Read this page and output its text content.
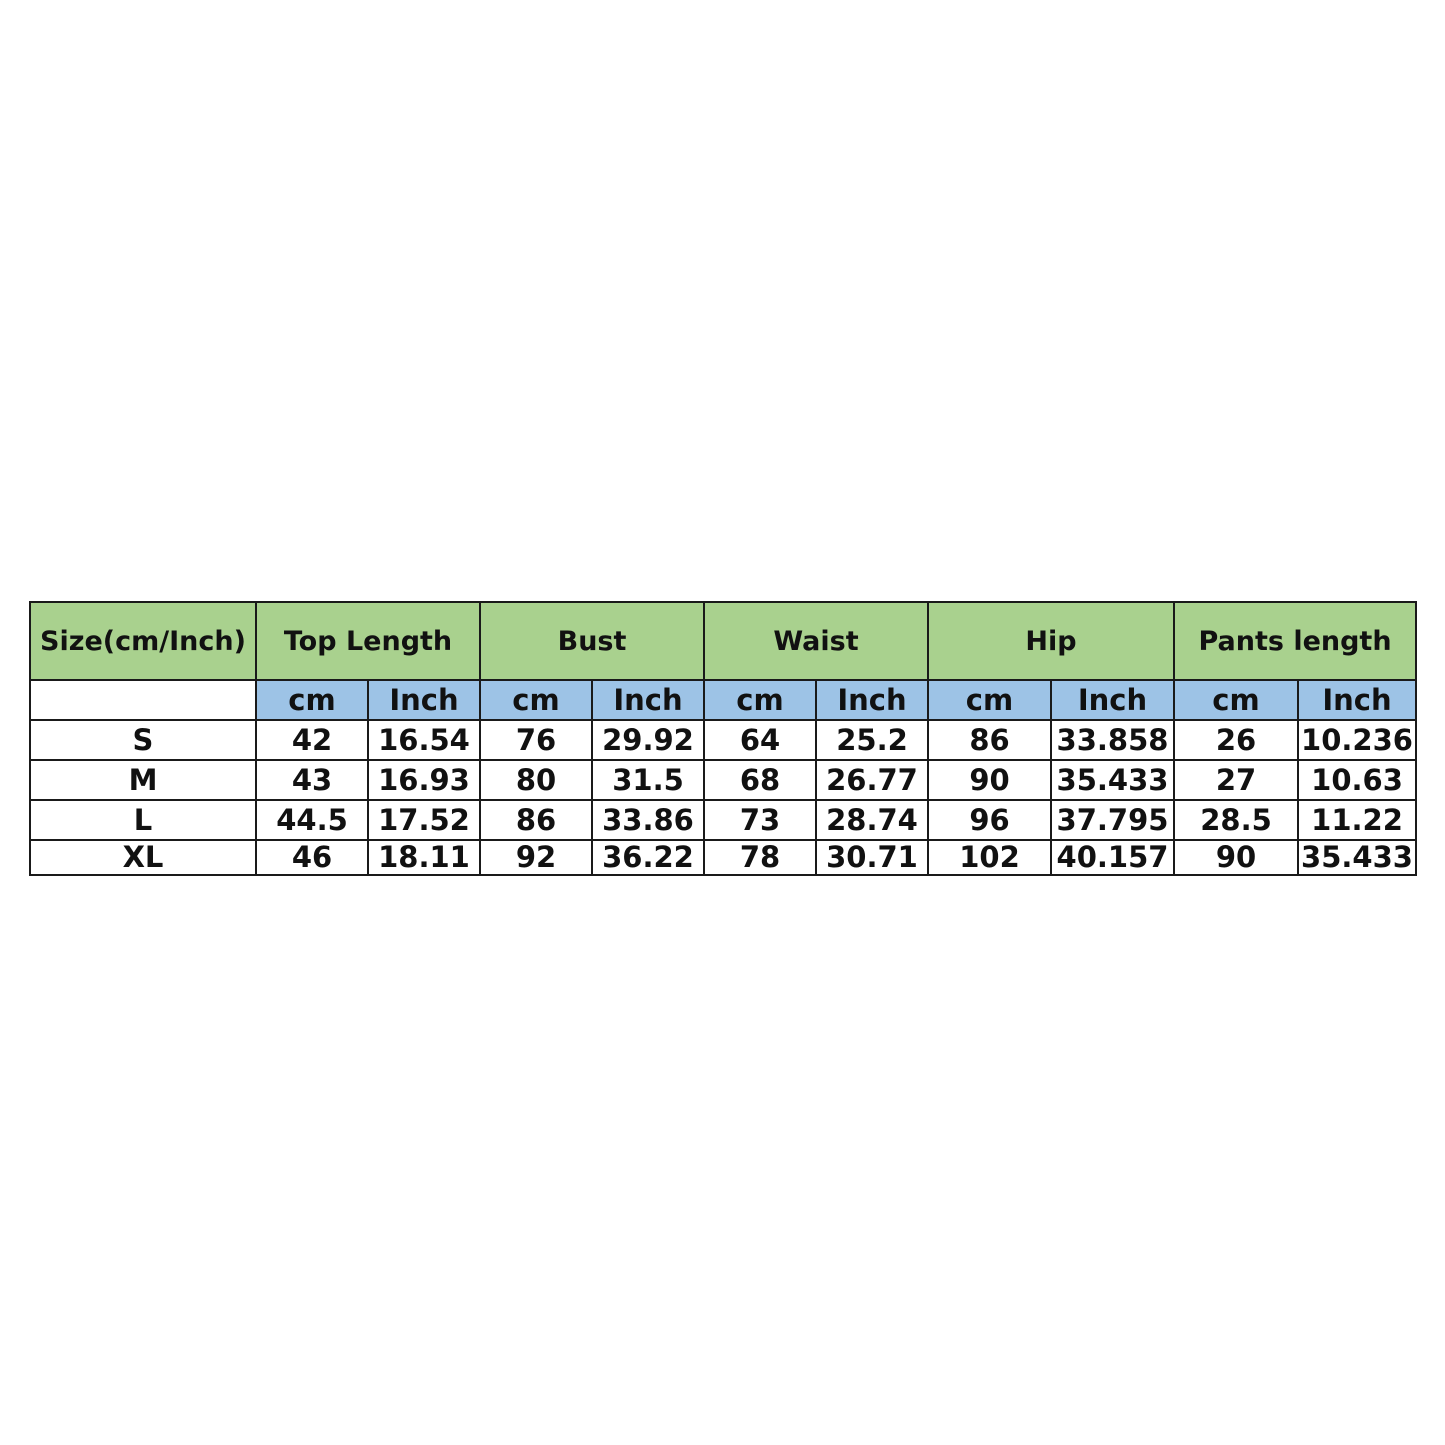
Size(cm/Inch)	Top Length		Bust		Waist		Hip		Pants length	
	cm	Inch	cm	Inch	cm	Inch	cm	Inch	cm	Inch
S	42	16.54	76	29.92	64	25.2	86	33.858	26	10.236
M	43	16.93	80	31.5	68	26.77	90	35.433	27	10.63
L	44.5	17.52	86	33.86	73	28.74	96	37.795	28.5	11.22
XL	46	18.11	92	36.22	78	30.71	102	40.157	90	35.433
